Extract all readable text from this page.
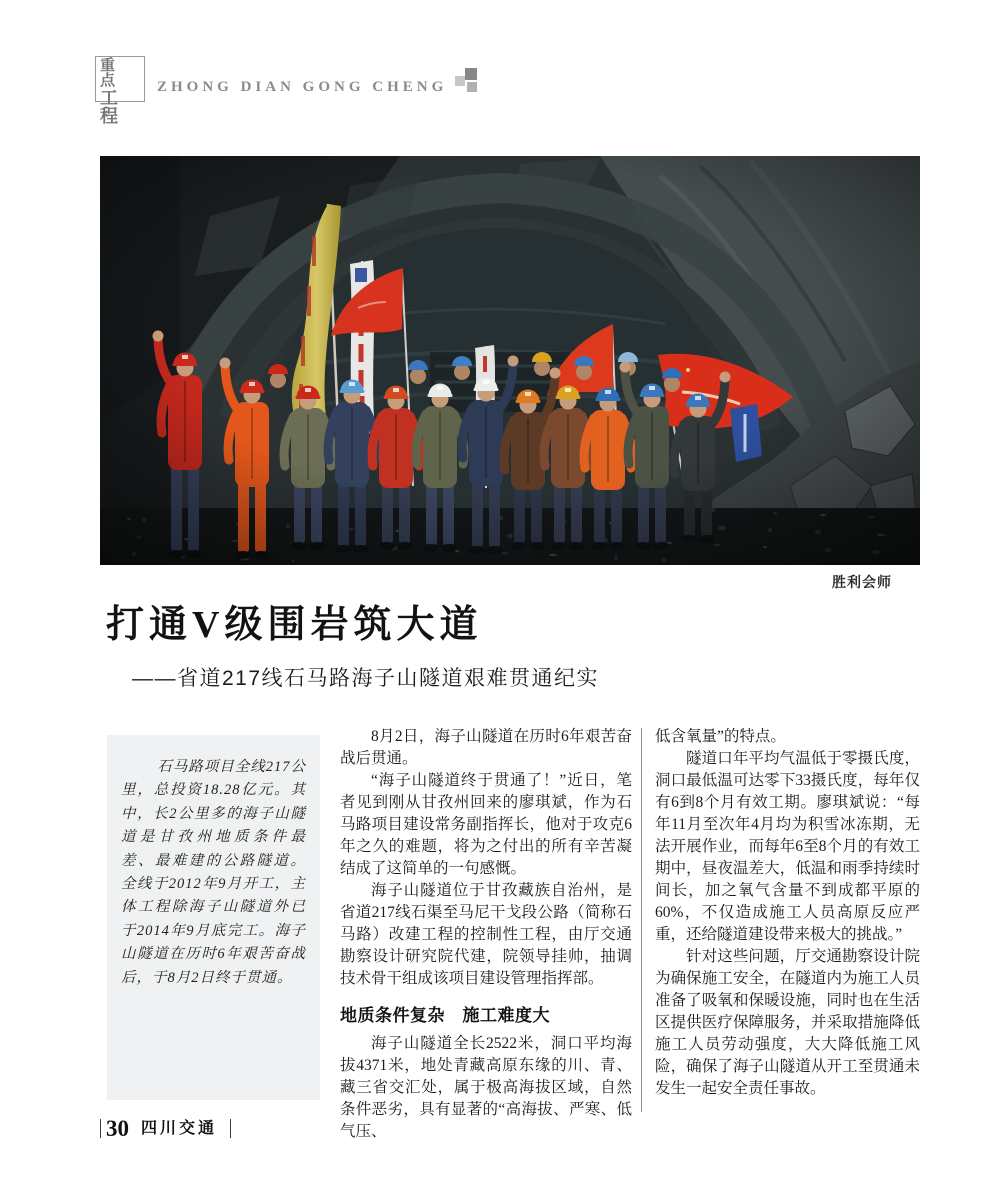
重点
工程
ZHONG DIAN GONG CHENG
胜利会师
打通V级围岩筑大道
——省道217线石马路海子山隧道艰难贯通纪实

石马路项目全线217公里，总投资18.28亿元。其中，长2公里多的海子山隧道是甘孜州地质条件最差、最难建的公路隧道。全线于2012年9月开工，主体工程除海子山隧道外已于2014年9月底完工。海子山隧道在历时6年艰苦奋战后，于8月2日终于贯通。

8月2日，海子山隧道在历时6年艰苦奋战后贯通。

“海子山隧道终于贯通了！”近日，笔者见到刚从甘孜州回来的廖琪斌，作为石马路项目建设常务副指挥长，他对于攻克6年之久的难题，将为之付出的所有辛苦凝结成了这简单的一句感慨。

海子山隧道位于甘孜藏族自治州，是省道217线石渠至马尼干戈段公路（简称石马路）改建工程的控制性工程，由厅交通勘察设计研究院代建，院领导挂帅，抽调技术骨干组成该项目建设管理指挥部。

地质条件复杂　施工难度大

海子山隧道全长2522米，洞口平均海拔4371米，地处青藏高原东缘的川、青、藏三省交汇处，属于极高海拔区域，自然条件恶劣，具有显著的“高海拔、严寒、低气压、

低含氧量”的特点。

隧道口年平均气温低于零摄氏度，洞口最低温可达零下33摄氏度，每年仅有6到8个月有效工期。廖琪斌说：“每年11月至次年4月均为积雪冰冻期，无法开展作业，而每年6至8个月的有效工期中，昼夜温差大，低温和雨季持续时间长，加之氧气含量不到成都平原的60%，不仅造成施工人员高原反应严重，还给隧道建设带来极大的挑战。”

针对这些问题，厅交通勘察设计院为确保施工安全，在隧道内为施工人员准备了吸氧和保暖设施，同时也在生活区提供医疗保障服务，并采取措施降低施工人员劳动强度，大大降低施工风险，确保了海子山隧道从开工至贯通未发生一起安全责任事故。

30 四川交通
